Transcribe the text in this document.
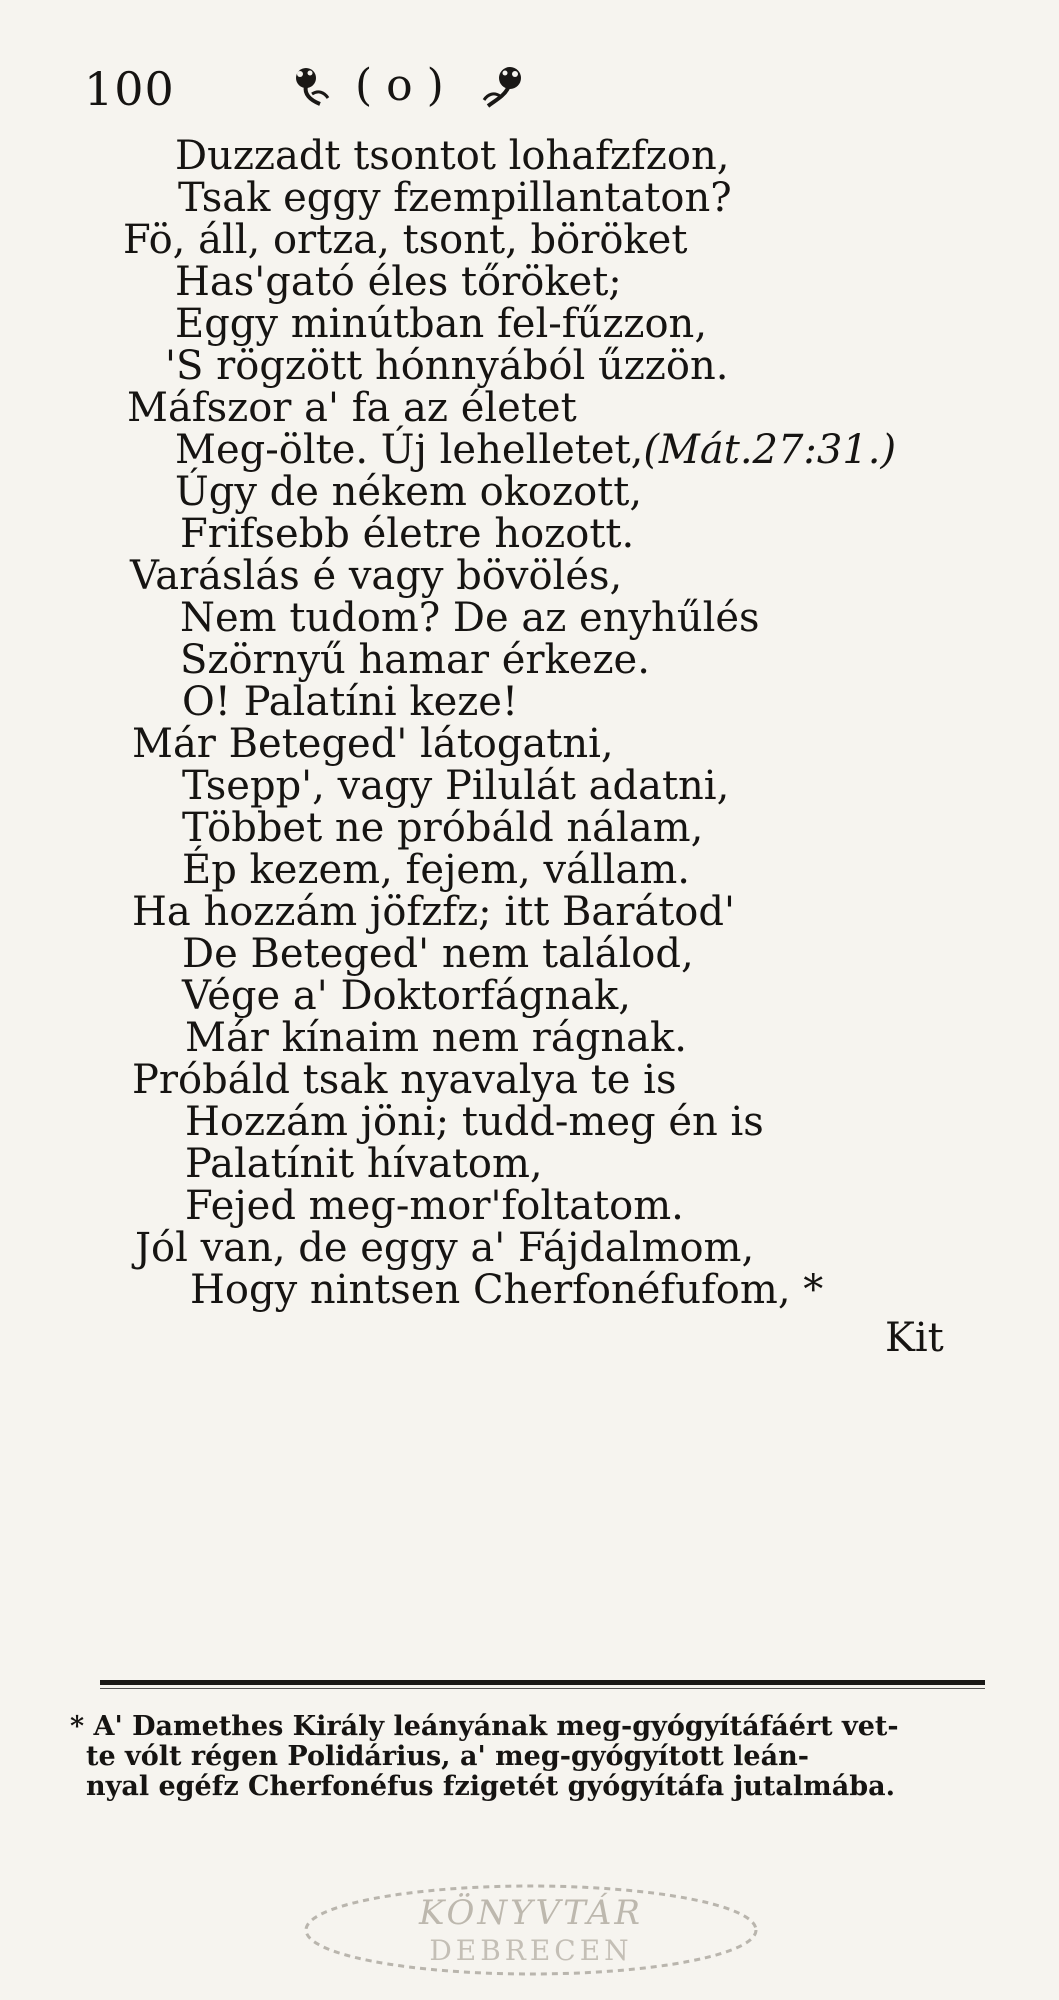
100	( o )
Duzzadt tsontot lohafzfzon,
Tsak eggy fzempillantaton?
Fö, áll, ortza, tsont, böröket
Has'gató éles tőröket;
Eggy minútban fel-fűzzon,
'S rögzött hónnyából űzzön.
Máfszor a' fa az életet
Meg-ölte. Új lehelletet,(Mát.27:31.)
Úgy de nékem okozott,
Frifsebb életre hozott.
Varáslás é vagy bövölés,
Nem tudom? De az enyhűlés
Szörnyű hamar érkeze.
O! Palatíni keze!
Már Beteged' látogatni,
Tsepp', vagy Pilulát adatni,
Többet ne próbáld nálam,
Ép kezem, fejem, vállam.
Ha hozzám jöfzfz; itt Barátod'
De Beteged' nem találod,
Vége a' Doktorfágnak,
Már kínaim nem rágnak.
Próbáld tsak nyavalya te is
Hozzám jöni; tudd-meg én is
Palatínit hívatom,
Fejed meg-mor'foltatom.
Jól van, de eggy a' Fájdalmom,
Hogy nintsen Cherfonéfufom, *
Kit
* A' Damethes Király leányának meg-gyógyítáfáért vet-
te vólt régen Polidárius, a' meg-gyógyított leán-
nyal egéfz Cherfonéfus fzigetét gyógyítáfa jutalmába.
KÖNYVTÁR
DEBRECEN
